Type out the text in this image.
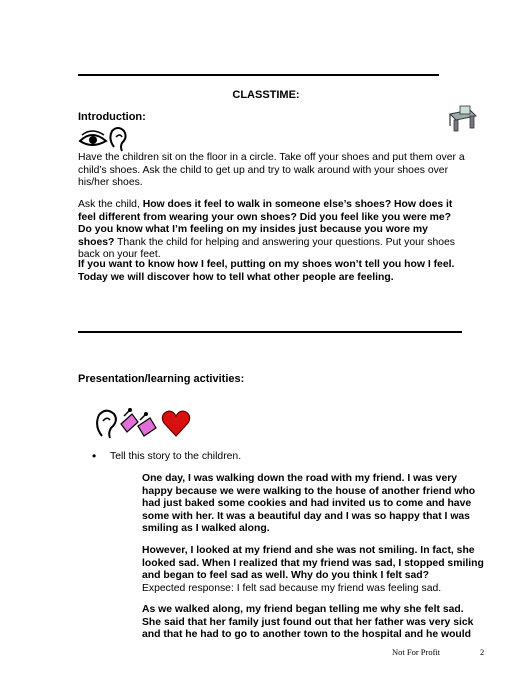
CLASSTIME:
Introduction:
Have the children sit on the floor in a circle. Take off your shoes and put them over a child’s shoes. Ask the child to get up and try to walk around with your shoes over his/her shoes.
Ask the child, How does it feel to walk in someone else’s shoes? How does it feel different from wearing your own shoes? Did you feel like you were me? Do you know what I’m feeling on my insides just because you wore my shoes? Thank the child for helping and answering your questions. Put your shoes back on your feet.
If you want to know how I feel, putting on my shoes won’t tell you how I feel. Today we will discover how to tell what other people are feeling.
Presentation/learning activities:
• Tell this story to the children.
One day, I was walking down the road with my friend. I was very happy because we were walking to the house of another friend who had just baked some cookies and had invited us to come and have some with her. It was a beautiful day and I was so happy that I was smiling as I walked along.
However, I looked at my friend and she was not smiling. In fact, she looked sad. When I realized that my friend was sad, I stopped smiling and began to feel sad as well. Why do you think I felt sad?
Expected response: I felt sad because my friend was feeling sad.
As we walked along, my friend began telling me why she felt sad. She said that her family just found out that her father was very sick and that he had to go to another town to the hospital and he would
Not For Profit	2
